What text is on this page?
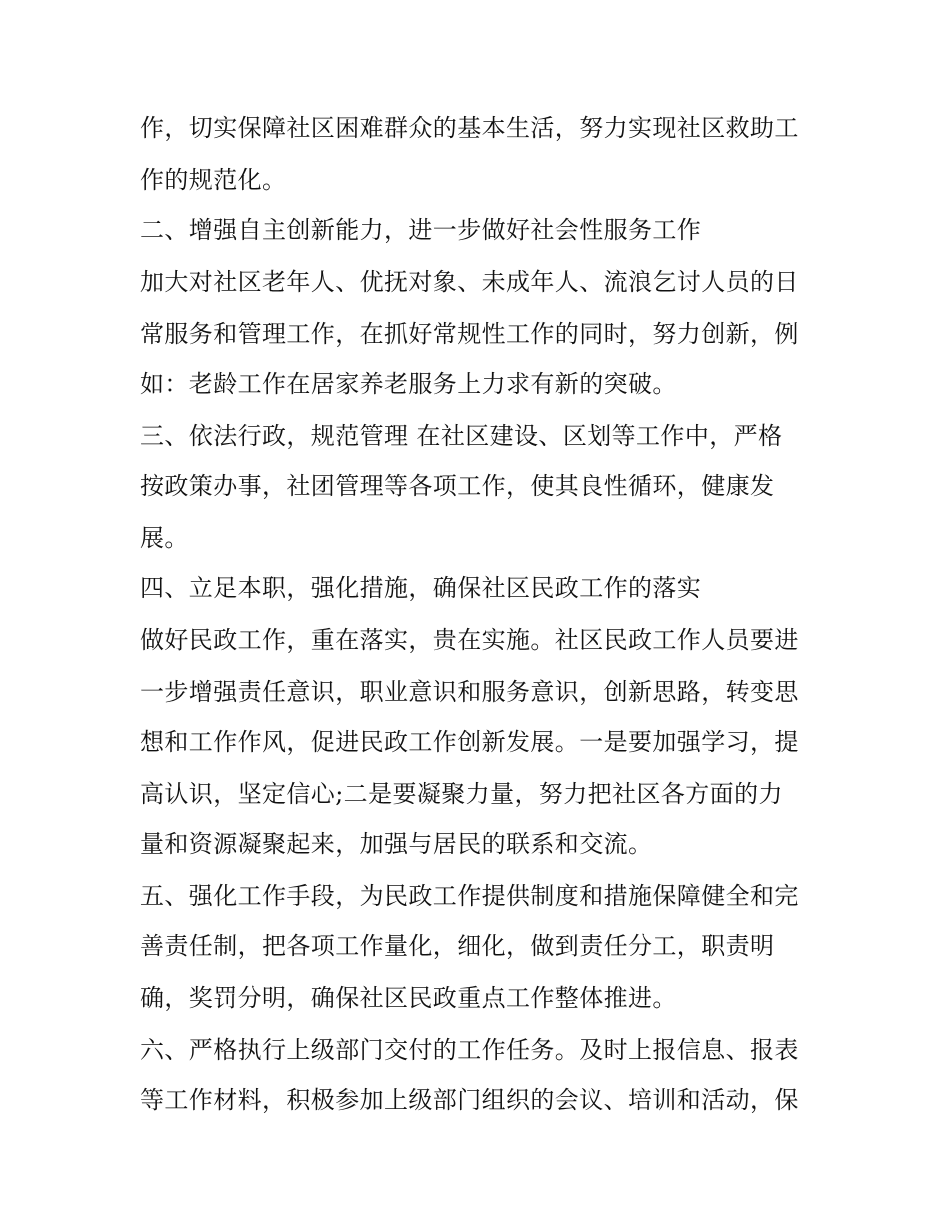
作，切实保障社区困难群众的基本生活，努力实现社区救助工
作的规范化。
二、增强自主创新能力，进一步做好社会性服务工作
加大对社区老年人、优抚对象、未成年人、流浪乞讨人员的日
常服务和管理工作，在抓好常规性工作的同时，努力创新，例
如：老龄工作在居家养老服务上力求有新的突破。
三、依法行政，规范管理 在社区建设、区划等工作中，严格
按政策办事，社团管理等各项工作，使其良性循环，健康发
展。
四、立足本职，强化措施，确保社区民政工作的落实
做好民政工作，重在落实，贵在实施。社区民政工作人员要进
一步增强责任意识，职业意识和服务意识，创新思路，转变思
想和工作作风，促进民政工作创新发展。一是要加强学习，提
高认识，坚定信心;二是要凝聚力量，努力把社区各方面的力
量和资源凝聚起来，加强与居民的联系和交流。
五、强化工作手段，为民政工作提供制度和措施保障健全和完
善责任制，把各项工作量化，细化，做到责任分工，职责明
确，奖罚分明，确保社区民政重点工作整体推进。
六、严格执行上级部门交付的工作任务。及时上报信息、报表
等工作材料，积极参加上级部门组织的会议、培训和活动，保
